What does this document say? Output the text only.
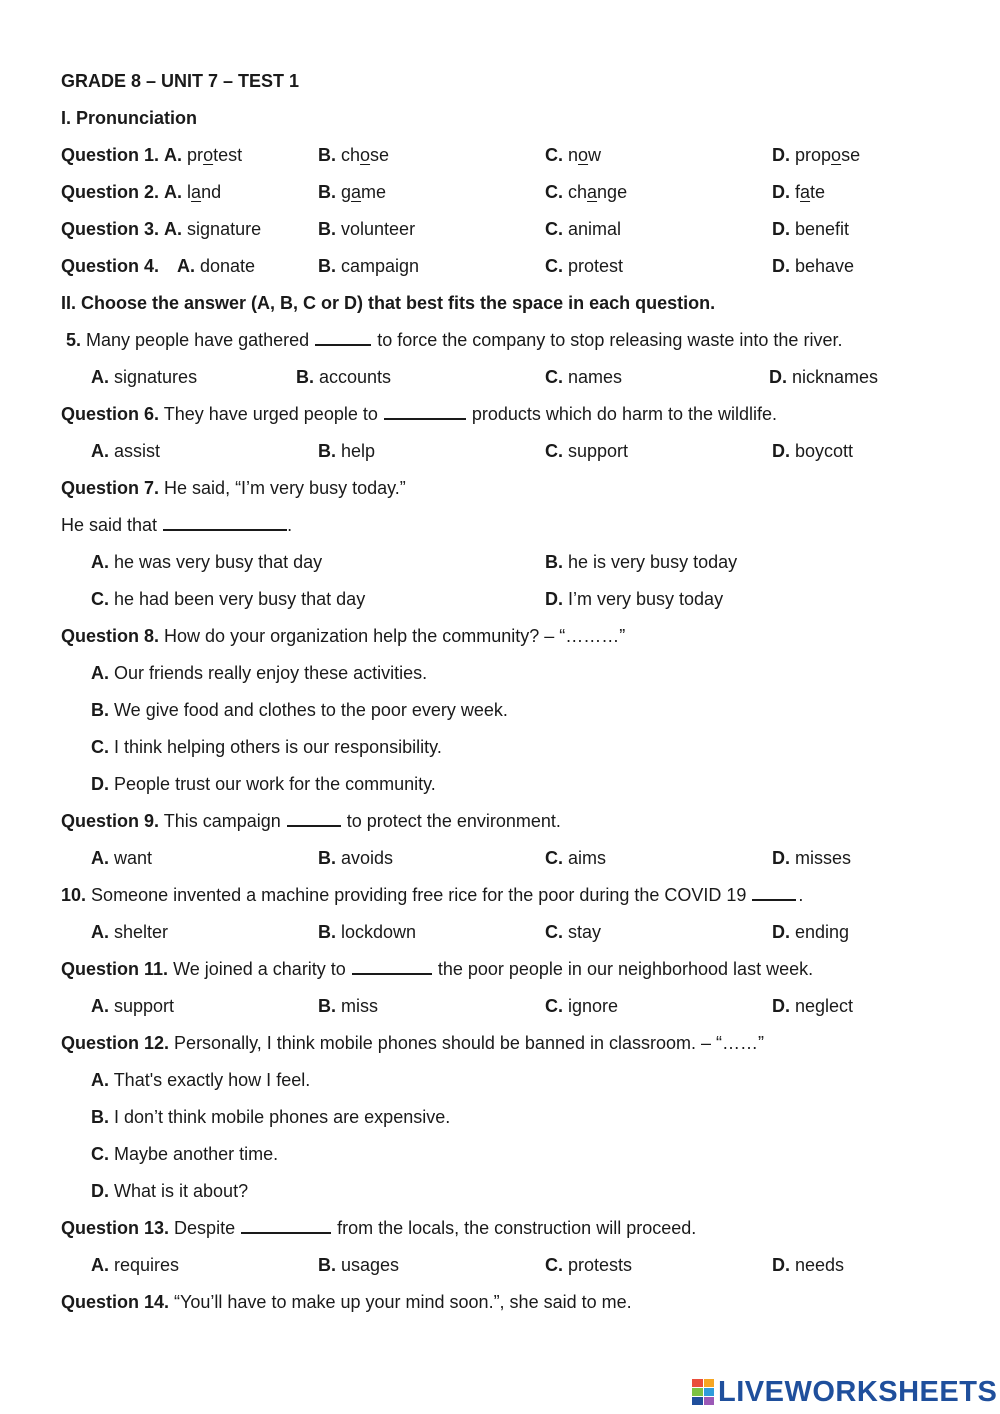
GRADE 8 – UNIT 7 – TEST 1
I. Pronunciation
Question 1. A. protest	B. chose	C. now	D. propose
Question 2. A. land	B. game	C. change	D. fate
Question 3. A. signature	B. volunteer	C. animal	D. benefit
Question 4. A. donate	B. campaign	C. protest	D. behave
II. Choose the answer (A, B, C or D) that best fits the space in each question.
5. Many people have gathered	to force the company to stop releasing waste into the river.
A. signatures	B. accounts	C. names	D. nicknames
Question 6. They have urged people to	products which do harm to the wildlife.
A. assist	B. help	C. support	D. boycott
Question 7. He said, “I’m very busy today.”
He said that	.
A. he was very busy that day	B. he is very busy today
C. he had been very busy that day	D. I’m very busy today
Question 8. How do your organization help the community? – “………”
A. Our friends really enjoy these activities.
B. We give food and clothes to the poor every week.
C. I think helping others is our responsibility.
D. People trust our work for the community.
Question 9. This campaign	to protect the environment.
A. want	B. avoids	C. aims	D. misses
10. Someone invented a machine providing free rice for the poor during the COVID 19	.
A. shelter	B. lockdown	C. stay	D. ending
Question 11. We joined a charity to	the poor people in our neighborhood last week.
A. support	B. miss	C. ignore	D. neglect
Question 12. Personally, I think mobile phones should be banned in classroom. – “……”
A. That's exactly how I feel.
B. I don’t think mobile phones are expensive.
C. Maybe another time.
D. What is it about?
Question 13. Despite	from the locals, the construction will proceed.
A. requires	B. usages	C. protests	D. needs
Question 14. “You’ll have to make up your mind soon.”, she said to me.
LIVEWORKSHEETS
